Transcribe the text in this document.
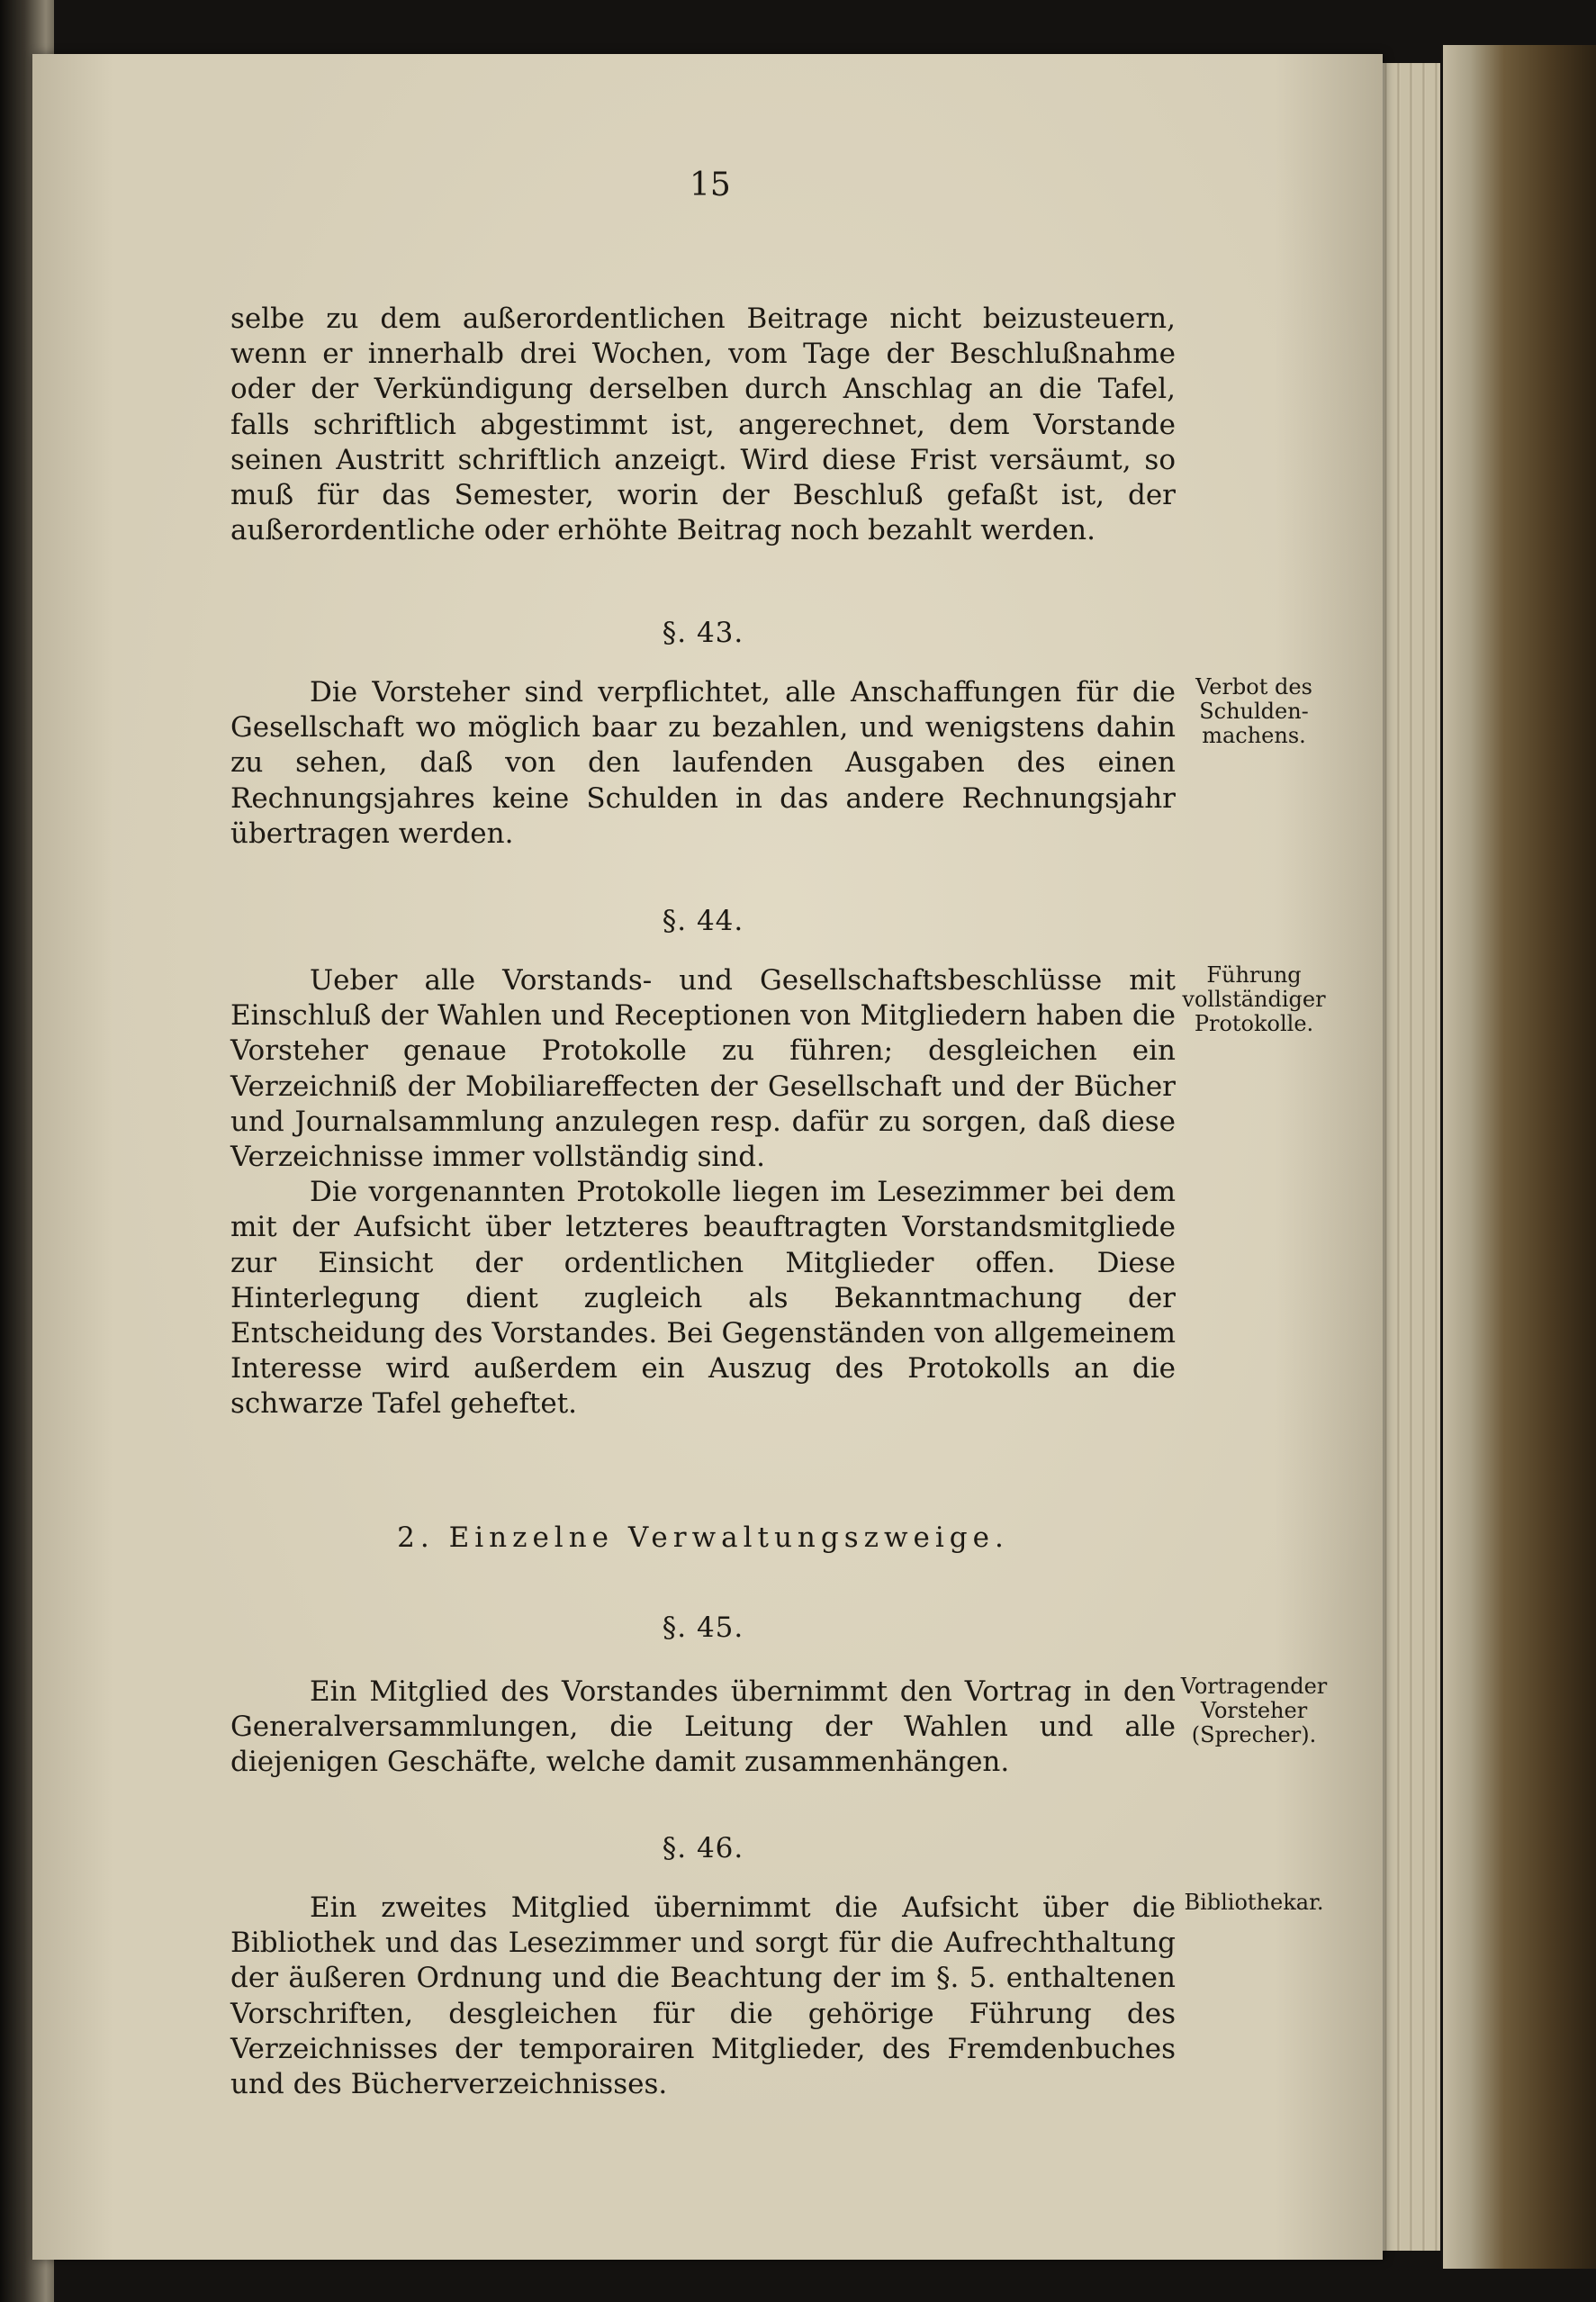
15

selbe zu dem außerordentlichen Beitrage nicht beizusteuern, wenn er innerhalb drei Wochen, vom Tage der Beschlußnahme oder der Verkündigung derselben durch Anschlag an die Tafel, falls schriftlich abgestimmt ist, angerechnet, dem Vorstande seinen Austritt schriftlich anzeigt. Wird diese Frist versäumt, so muß für das Semester, worin der Beschluß gefaßt ist, der außerordentliche oder erhöhte Beitrag noch bezahlt werden.

§. 43.

Die Vorsteher sind verpflichtet, alle Anschaffungen für die Gesellschaft wo möglich baar zu bezahlen, und wenigstens dahin zu sehen, daß von den laufenden Ausgaben des einen Rechnungsjahres keine Schulden in das andere Rechnungsjahr übertragen werden.

Verbot des Schulden-machens.
§. 44.

Ueber alle Vorstands- und Gesellschaftsbeschlüsse mit Einschluß der Wahlen und Receptionen von Mitgliedern haben die Vorsteher genaue Protokolle zu führen; desgleichen ein Verzeichniß der Mobiliareffecten der Gesellschaft und der Bücher und Journalsammlung anzulegen resp. dafür zu sorgen, daß diese Verzeichnisse immer vollständig sind.

Die vorgenannten Protokolle liegen im Lesezimmer bei dem mit der Aufsicht über letzteres beauftragten Vorstandsmitgliede zur Einsicht der ordentlichen Mitglieder offen. Diese Hinterlegung dient zugleich als Bekanntmachung der Entscheidung des Vorstandes. Bei Gegenständen von allgemeinem Interesse wird außerdem ein Auszug des Protokolls an die schwarze Tafel geheftet.

Führung vollständiger Protokolle.
2. Einzelne Verwaltungszweige.
§. 45.

Ein Mitglied des Vorstandes übernimmt den Vortrag in den Generalversammlungen, die Leitung der Wahlen und alle diejenigen Geschäfte, welche damit zusammenhängen.

Vortragender Vorsteher (Sprecher).
§. 46.

Ein zweites Mitglied übernimmt die Aufsicht über die Bibliothek und das Lesezimmer und sorgt für die Aufrechthaltung der äußeren Ordnung und die Beachtung der im §. 5. enthaltenen Vorschriften, desgleichen für die gehörige Führung des Verzeichnisses der temporairen Mitglieder, des Fremdenbuches und des Bücherverzeichnisses.

Bibliothekar.
